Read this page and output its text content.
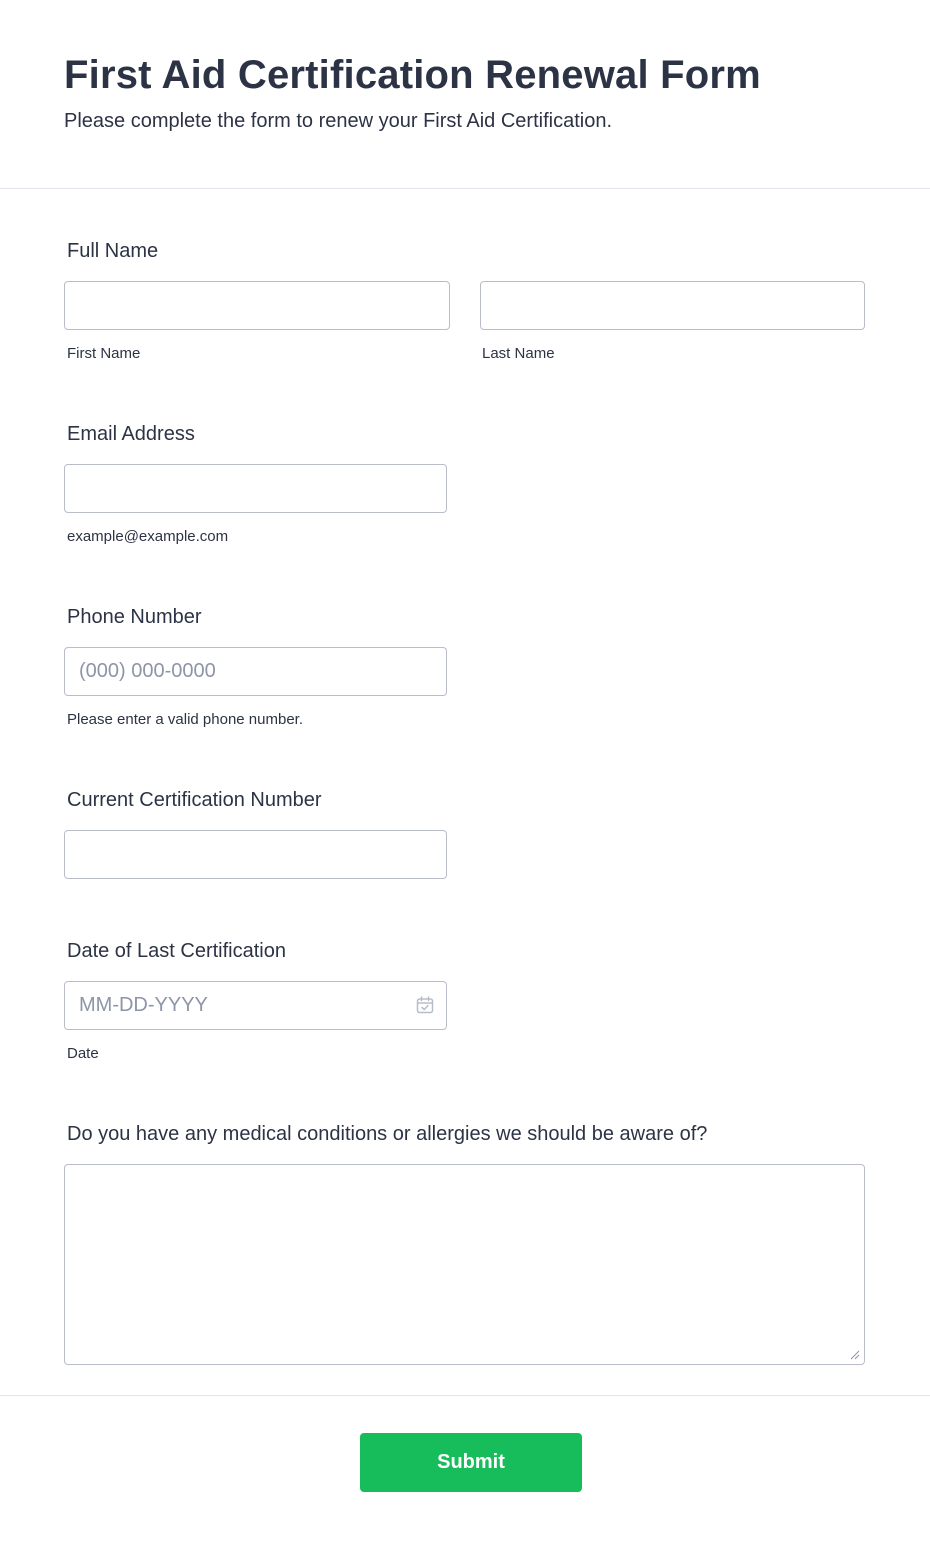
First Aid Certification Renewal Form

Please complete the form to renew your First Aid Certification.

Full Name
First Name	Last Name
Email Address
example@example.com
Phone Number
(000) 000-0000
Please enter a valid phone number.
Current Certification Number
Date of Last Certification
MM-DD-YYYY
Date
Do you have any medical conditions or allergies we should be aware of?
Submit
